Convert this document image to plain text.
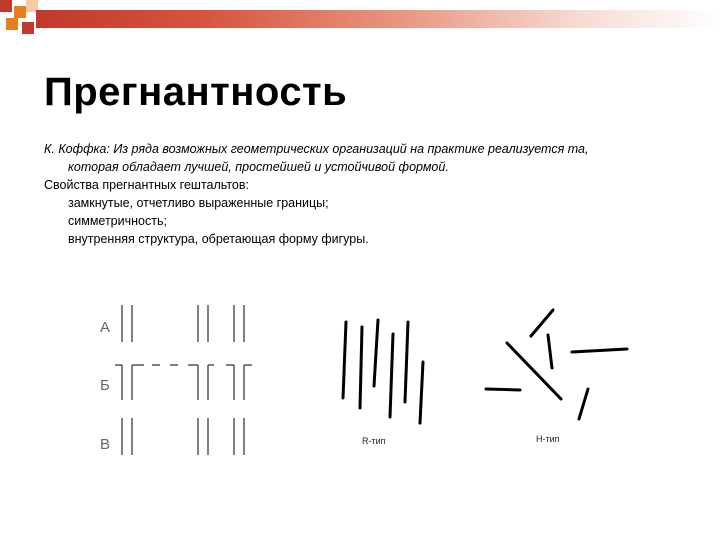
Прегнантность

К. Коффка: Из ряда возможных геометрических организаций на практике реализуется та,

которая обладает лучшей, простейшей и устойчивой формой.

Свойства прегнантных гештальтов:

замкнутые, отчетливо выраженные границы;

симметричность;

внутренняя структура, обретающая форму фигуры.

А
Б
В	R-тип	H-тип
